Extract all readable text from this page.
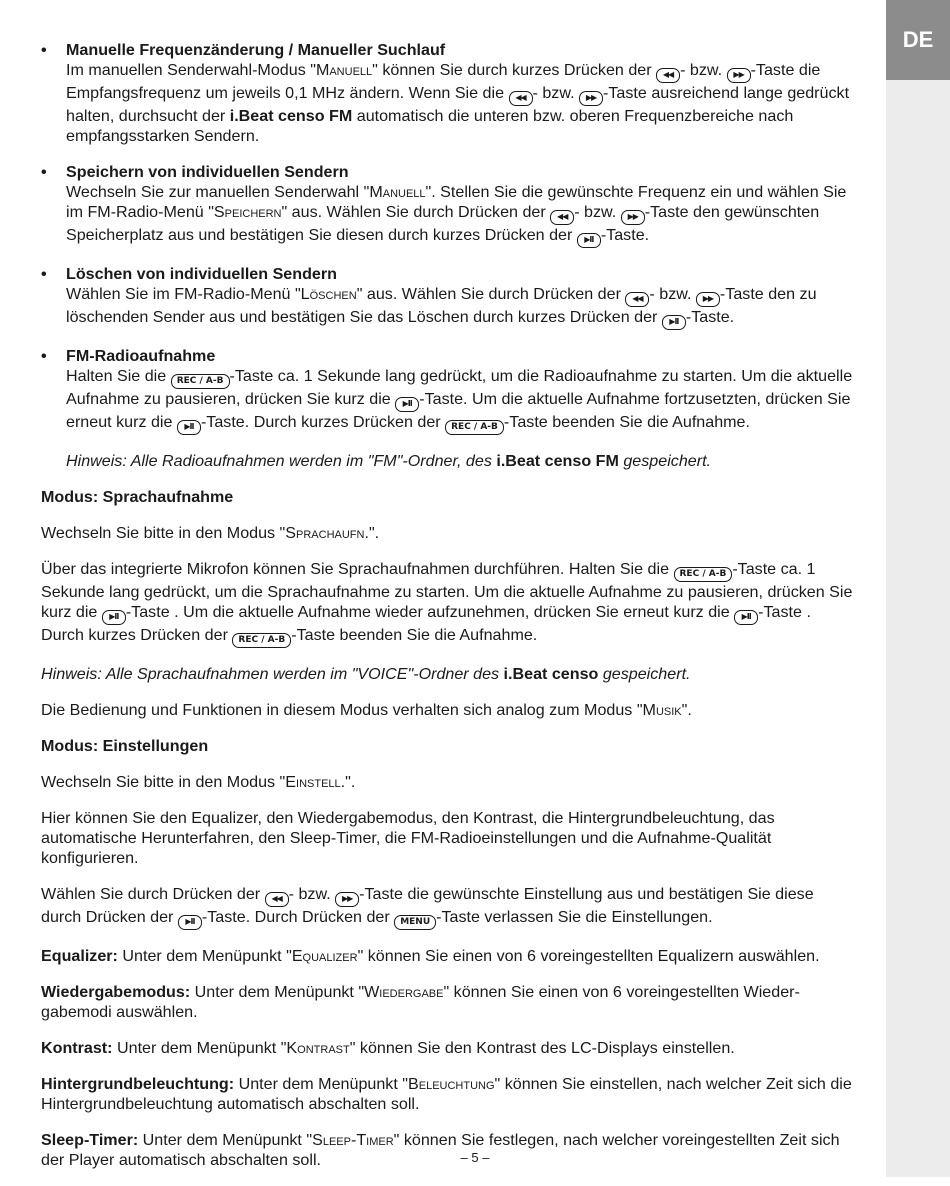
DE
• Manuelle Frequenzänderung / Manueller Suchlauf
Im manuellen Senderwahl-Modus "Manuell" können Sie durch kurzes Drücken der ◀◀ - bzw. ▶▶ -Taste die Empfangsfrequenz um jeweils 0,1 MHz ändern. Wenn Sie die ◀◀ - bzw. ▶▶ -Taste ausreichend lange gedrückt halten, durchsucht der i.Beat censo FM automatisch die unteren bzw. oberen Frequenzbereiche nach empfangsstarken Sendern.
• Speichern von individuellen Sendern
Wechseln Sie zur manuellen Senderwahl "Manuell". Stellen Sie die gewünschte Frequenz ein und wählen Sie im FM-Radio-Menü "Speichern" aus. Wählen Sie durch Drücken der ◀◀ - bzw. ▶▶ -Taste den gewünschten Speicherplatz aus und bestätigen Sie diesen durch kurzes Drücken der ▶II -Taste.
• Löschen von individuellen Sendern
Wählen Sie im FM-Radio-Menü "Löschen" aus. Wählen Sie durch Drücken der ◀◀ - bzw. ▶▶ -Taste den zu löschenden Sender aus und bestätigen Sie das Löschen durch kurzes Drücken der ▶II -Taste.
• FM-Radioaufnahme
Halten Sie die REC / A-B -Taste ca. 1 Sekunde lang gedrückt, um die Radioaufnahme zu starten. Um die aktuelle Aufnahme zu pausieren, drücken Sie kurz die ▶II -Taste. Um die aktuelle Aufnahme fortzusetzten, drücken Sie erneut kurz die ▶II -Taste. Durch kurzes Drücken der REC / A-B -Taste beenden Sie die Aufnahme.
Hinweis: Alle Radioaufnahmen werden im "FM"-Ordner, des i.Beat censo FM gespeichert.

Modus: Sprachaufnahme

Wechseln Sie bitte in den Modus "Sprachaufn.".

Über das integrierte Mikrofon können Sie Sprachaufnahmen durchführen. Halten Sie die REC / A-B -Taste ca. 1 Sekunde lang gedrückt, um die Sprachaufnahme zu starten. Um die aktuelle Aufnahme zu pausieren, drücken Sie kurz die ▶II -Taste . Um die aktuelle Aufnahme wieder aufzunehmen, drücken Sie erneut kurz die ▶II -Taste . Durch kurzes Drücken der REC / A-B -Taste beenden Sie die Aufnahme.

Hinweis: Alle Sprachaufnahmen werden im "VOICE"-Ordner des i.Beat censo gespeichert.

Die Bedienung und Funktionen in diesem Modus verhalten sich analog zum Modus "Musik".

Modus: Einstellungen

Wechseln Sie bitte in den Modus "Einstell.".

Hier können Sie den Equalizer, den Wiedergabemodus, den Kontrast, die Hintergrundbeleuchtung, das automatische Herunterfahren, den Sleep-Timer, die FM-Radioeinstellungen und die Aufnahme-Qualität konfigurieren.

Wählen Sie durch Drücken der ◀◀ - bzw. ▶▶ -Taste die gewünschte Einstellung aus und bestätigen Sie diese durch Drücken der ▶II -Taste. Durch Drücken der MENU -Taste verlassen Sie die Einstellungen.

Equalizer: Unter dem Menüpunkt "Equalizer" können Sie einen von 6 voreingestellten Equalizern auswählen.

Wiedergabemodus: Unter dem Menüpunkt "Wiedergabe" können Sie einen von 6 voreingestellten Wieder-gabemodi auswählen.

Kontrast: Unter dem Menüpunkt "Kontrast" können Sie den Kontrast des LC-Displays einstellen.

Hintergrundbeleuchtung: Unter dem Menüpunkt "Beleuchtung" können Sie einstellen, nach welcher Zeit sich die Hintergrundbeleuchtung automatisch abschalten soll.

Sleep-Timer: Unter dem Menüpunkt "Sleep-Timer" können Sie festlegen, nach welcher voreingestellten Zeit sich der Player automatisch abschalten soll.	– 5 –
